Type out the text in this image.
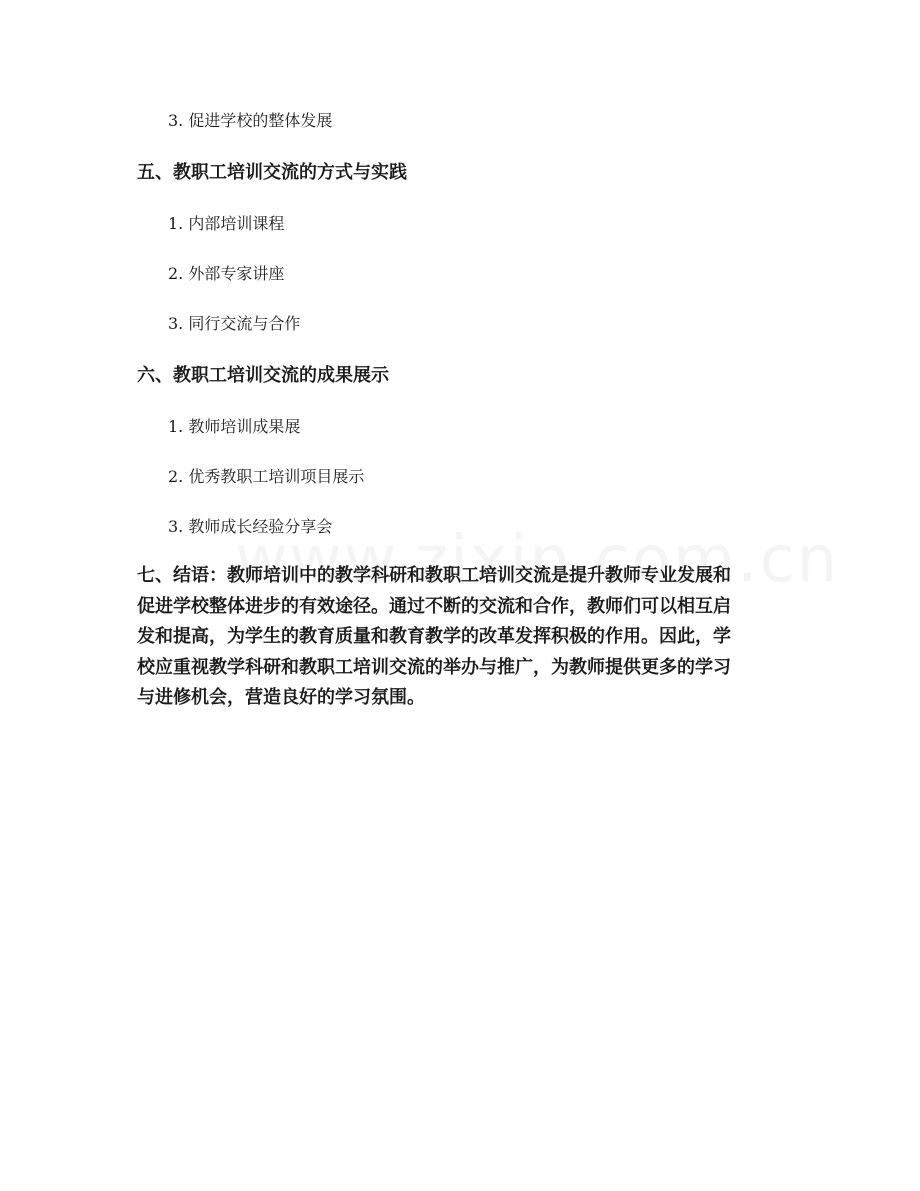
3. 促进学校的整体发展
五、教职工培训交流的方式与实践
1. 内部培训课程
2. 外部专家讲座
3. 同行交流与合作
六、教职工培训交流的成果展示
1. 教师培训成果展
2. 优秀教职工培训项目展示
3. 教师成长经验分享会
七、结语：教师培训中的教学科研和教职工培训交流是提升教师专业发展和
促进学校整体进步的有效途径。通过不断的交流和合作，教师们可以相互启
发和提高，为学生的教育质量和教育教学的改革发挥积极的作用。因此，学
校应重视教学科研和教职工培训交流的举办与推广，为教师提供更多的学习
与进修机会，营造良好的学习氛围。
